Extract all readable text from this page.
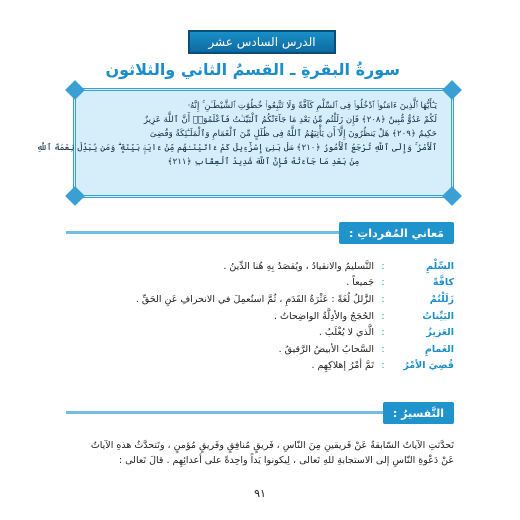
الدرس السادس عشر
سورةُ البقرةِ ـ القسمُ الثاني والثلاثون

يَـٰٓأَيُّهَا ٱلَّذِينَ ءَامَنُوا۟ ٱدْخُلُوا۟ فِى ٱلسِّلْمِ كَآفَّةً وَلَا تَتَّبِعُوا۟ خُطُوَٰتِ ٱلشَّيْطَـٰنِ ۚ إِنَّهُۥ

لَكُمْ عَدُوٌّ مُّبِينٌ ﴿٢٠٨﴾ فَإِن زَلَلْتُم مِّنۢ بَعْدِ مَا جَآءَتْكُمُ ٱلْبَيِّنَـٰتُ فَٱعْلَمُوٓا۟ أَنَّ ٱللَّهَ عَزِيزٌ

حَكِيمٌ ﴿٢٠٩﴾ هَلْ يَنظُرُونَ إِلَّآ أَن يَأْتِيَهُمُ ٱللَّهُ فِى ظُلَلٍ مِّنَ ٱلْغَمَامِ وَٱلْمَلَـٰٓئِكَةُ وَقُضِىَ

ٱلْأَمْرُ ۚ وَإِلَى ٱللَّهِ تُرْجَعُ ٱلْأُمُورُ ﴿٢١٠﴾ سَلْ بَنِىٓ إِسْرَٰٓءِيلَ كَمْ ءَاتَيْنَـٰهُم مِّنْ ءَايَةٍۭ بَيِّنَةٍ ۗ وَمَن يُبَدِّلْ نِعْمَةَ ٱللَّهِ

مِنۢ بَعْدِ مَا جَآءَتْهُ فَإِنَّ ٱللَّهَ شَدِيدُ ٱلْعِقَابِ ﴿٢١١﴾

مَعاني المُفرداتِ :
السِّلْمِ
:
التَّسليمُ والانقيادُ ، ويُقصَدُ بِهِ هُنا الدِّينُ .
كافَّةً
:
جَميعاً .
زَلَلْتُمْ
:
الزَّللُ لُغَةً : عَثْرَةُ القَدَمِ ، ثُمَّ استُعمِلَ في الانحرافِ عَنِ الحَقِّ .
البَيِّناتُ
:
الحُجَجُ والأدِلَّةُ الواضِحاتُ .
العَزيزُ
:
الَّذي لا يُغْلَبُ .
الغَمامِ
:
السَّحابُ الأبيضُ الرَّقيقُ .
قُضِيَ الأمْرُ
:
تَمَّ أمْرُ إهلاكِهِم .
التَّفسيرُ :

تَحدَّثتِ الآياتُ السّابقةُ عَنْ فَريقينِ مِنَ النّاسِ ، فَريقٍ مُنافِقٍ وفَريقٍ مُؤمنٍ ، وتَتحدَّثُ هذهِ الآياتُ

عَنْ دَعْوةِ النّاسِ إلى الاستجابةِ للهِ تَعالى ، لِيكونوا يَداً واحِدةً على أعدائِهِم . قالَ تَعالى :

٩١
